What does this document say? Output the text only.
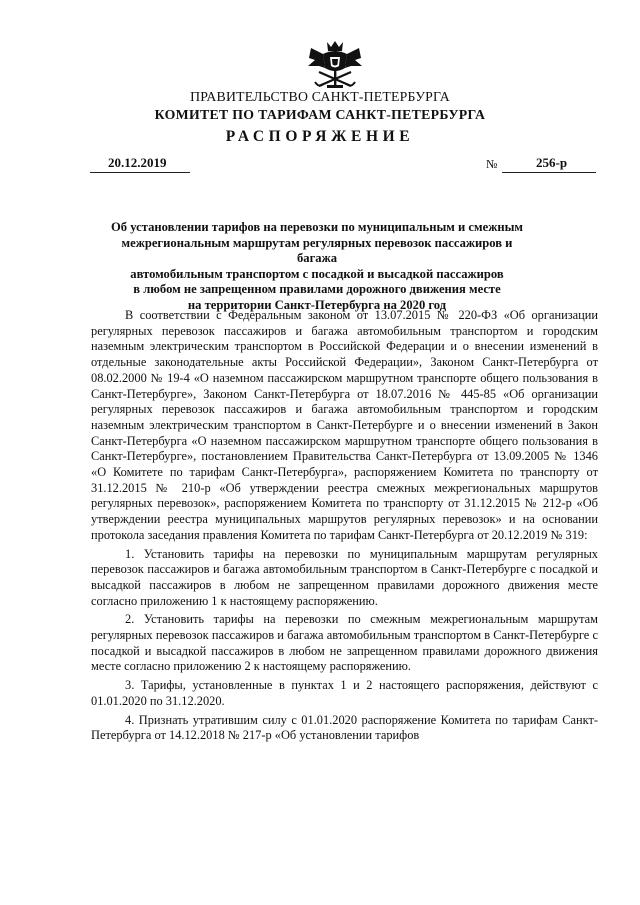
ПРАВИТЕЛЬСТВО САНКТ-ПЕТЕРБУРГА
КОМИТЕТ ПО ТАРИФАМ САНКТ-ПЕТЕРБУРГА
РАСПОРЯЖЕНИЕ
20.12.2019	№	256-р
Об установлении тарифов на перевозки по муниципальным и смежным
межрегиональным маршрутам регулярных перевозок пассажиров и багажа
автомобильным транспортом с посадкой и высадкой пассажиров
в любом не запрещенном правилами дорожного движения месте
на территории Санкт-Петербурга на 2020 год

В соответствии с Федеральным законом от 13.07.2015 № 220-ФЗ «Об организации регулярных перевозок пассажиров и багажа автомобильным транспортом и городским наземным электрическим транспортом в Российской Федерации и о внесении изменений в отдельные законодательные акты Российской Федерации», Законом Санкт-Петербурга от 08.02.2000 № 19-4 «О наземном пассажирском маршрутном транспорте общего пользования в Санкт-Петербурге», Законом Санкт-Петербурга от 18.07.2016 № 445-85 «Об организации регулярных перевозок пассажиров и багажа автомобильным транспортом и городским наземным электрическим транспортом в Санкт-Петербурге и о внесении изменений в Закон Санкт-Петербурга «О наземном пассажирском маршрутном транспорте общего пользования в Санкт-Петербурге», постановлением Правительства Санкт-Петербурга от 13.09.2005 № 1346 «О Комитете по тарифам Санкт-Петербурга», распоряжением Комитета по транспорту от 31.12.2015 № 210-р «Об утверждении реестра смежных межрегиональных маршрутов регулярных перевозок», распоряжением Комитета по транспорту от 31.12.2015 № 212-р «Об утверждении реестра муниципальных маршрутов регулярных перевозок» и на основании протокола заседания правления Комитета по тарифам Санкт-Петербурга от 20.12.2019 № 319:

1. Установить тарифы на перевозки по муниципальным маршрутам регулярных перевозок пассажиров и багажа автомобильным транспортом в Санкт-Петербурге с посадкой и высадкой пассажиров в любом не запрещенном правилами дорожного движения месте согласно приложению 1 к настоящему распоряжению.

2. Установить тарифы на перевозки по смежным межрегиональным маршрутам регулярных перевозок пассажиров и багажа автомобильным транспортом в Санкт-Петербурге с посадкой и высадкой пассажиров в любом не запрещенном правилами дорожного движения месте согласно приложению 2 к настоящему распоряжению.

3. Тарифы, установленные в пунктах 1 и 2 настоящего распоряжения, действуют с 01.01.2020 по 31.12.2020.

4. Признать утратившим силу с 01.01.2020 распоряжение Комитета по тарифам Санкт-Петербурга от 14.12.2018 № 217-р «Об установлении тарифов
